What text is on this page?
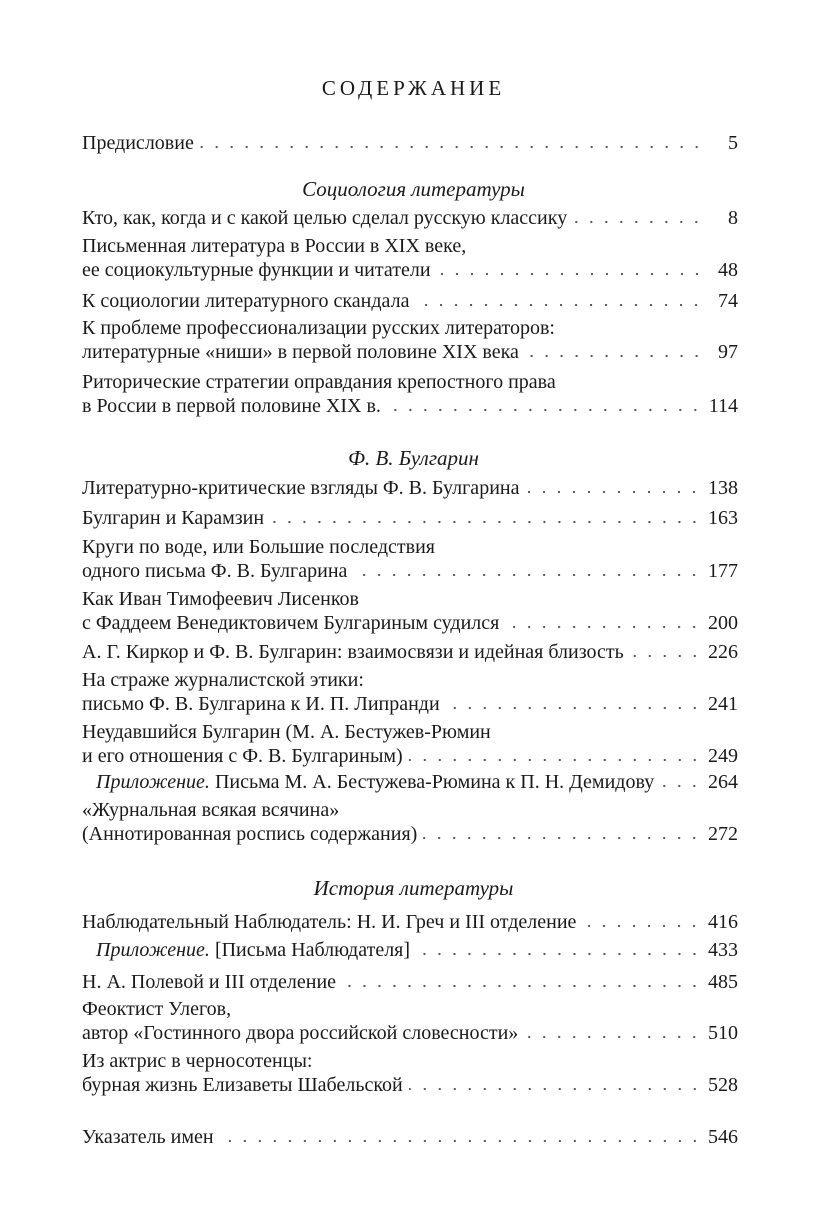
СОДЕРЖАНИЕ
Предисловие	5
Социология литературы
Кто, как, когда и с какой целью сделал русскую классику	8
Письменная литература в России в XIX веке,
ее социокультурные функции и читатели	48
К социологии литературного скандала	74
К проблеме профессионализации русских литераторов:
литературные «ниши» в первой половине XIX века	97
Риторические стратегии оправдания крепостного права
в России в первой половине XIX в.	114
Ф. В. Булгарин
Литературно-критические взгляды Ф. В. Булгарина	138
Булгарин и Карамзин	163
Круги по воде, или Большие последствия
одного письма Ф. В. Булгарина	177
Как Иван Тимофеевич Лисенков
с Фаддеем Венедиктовичем Булгариным судился	200
А. Г. Киркор и Ф. В. Булгарин: взаимосвязи и идейная близость	226
На страже журналистской этики:
письмо Ф. В. Булгарина к И. П. Липранди	241
Неудавшийся Булгарин (М. А. Бестужев-Рюмин
и его отношения с Ф. В. Булгариным)	249
Приложение.
Письма М. А. Бестужева-Рюмина к П. Н. Демидову	264
«Журнальная всякая всячина»
(Аннотированная роспись содержания)	272
История литературы
Наблюдательный Наблюдатель: Н. И. Греч и III отделение	416
Приложение.
[Письма Наблюдателя]	433
Н. А. Полевой и III отделение	485
Феоктист Улегов,
автор «Гостинного двора российской словесности»	510
Из актрис в черносотенцы:
бурная жизнь Елизаветы Шабельской	528
Указатель имен	546
